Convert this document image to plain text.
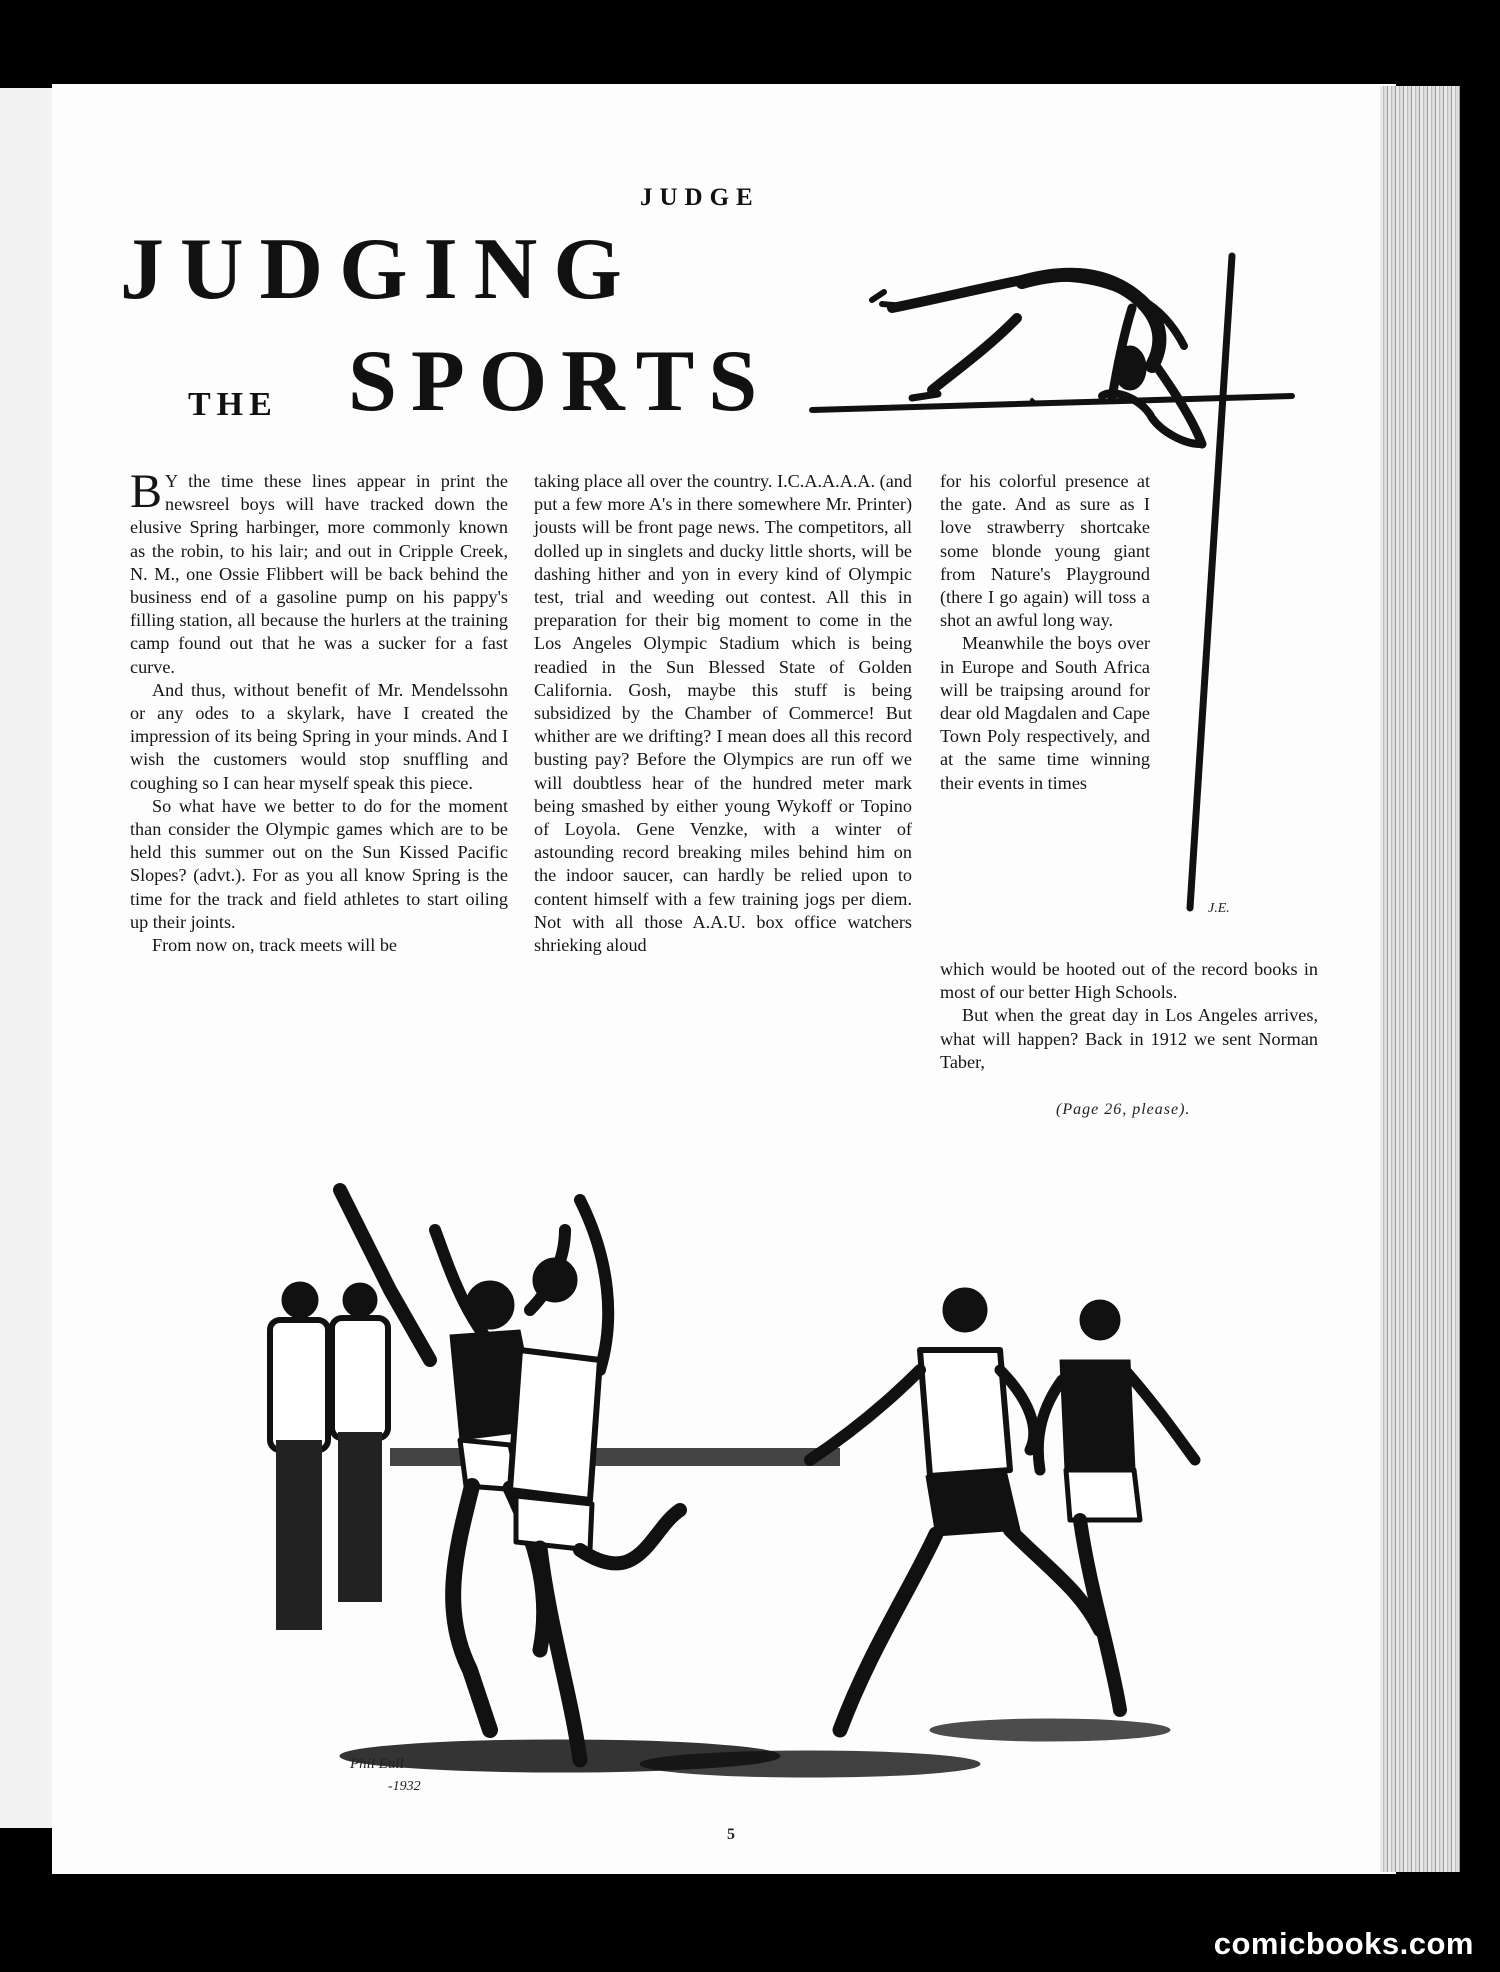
JUDGE
JUDGING
THE SPORTS
J.E.

B Y the time these lines appear in print the newsreel boys will have tracked down the elusive Spring harbinger, more commonly known as the robin, to his lair; and out in Cripple Creek, N. M., one Ossie Flibbert will be back behind the business end of a gasoline pump on his pappy's filling station, all because the hurlers at the training camp found out that he was a sucker for a fast curve.

And thus, without benefit of Mr. Mendelssohn or any odes to a skylark, have I created the impression of its being Spring in your minds. And I wish the customers would stop snuffling and coughing so I can hear myself speak this piece.

So what have we better to do for the moment than consider the Olympic games which are to be held this summer out on the Sun Kissed Pacific Slopes? (advt.). For as you all know Spring is the time for the track and field athletes to start oiling up their joints.

From now on, track meets will be

taking place all over the country. I.C.A.A.A.A. (and put a few more A's in there somewhere Mr. Printer) jousts will be front page news. The competitors, all dolled up in singlets and ducky little shorts, will be dashing hither and yon in every kind of Olympic test, trial and weeding out contest. All this in preparation for their big moment to come in the Los Angeles Olympic Stadium which is being readied in the Sun Blessed State of Golden California. Gosh, maybe this stuff is being subsidized by the Chamber of Commerce! But whither are we drifting? I mean does all this record busting pay? Before the Olympics are run off we will doubtless hear of the hundred meter mark being smashed by either young Wykoff or Topino of Loyola. Gene Venzke, with a winter of astounding record breaking miles behind him on the indoor saucer, can hardly be relied upon to content himself with a few training jogs per diem. Not with all those A.A.U. box office watchers shrieking aloud

for his colorful presence at the gate. And as sure as I love strawberry shortcake some blonde young giant from Nature's Playground (there I go again) will toss a shot an awful long way.

Meanwhile the boys over in Europe and South Africa will be traipsing around for dear old Magdalen and Cape Town Poly respectively, and at the same time winning their events in times

which would be hooted out of the record books in most of our better High Schools.

But when the great day in Los Angeles arrives, what will happen? Back in 1912 we sent Norman Taber,

(Page 26, please).
Phil Eull
-1932
5
comicbooks.com
